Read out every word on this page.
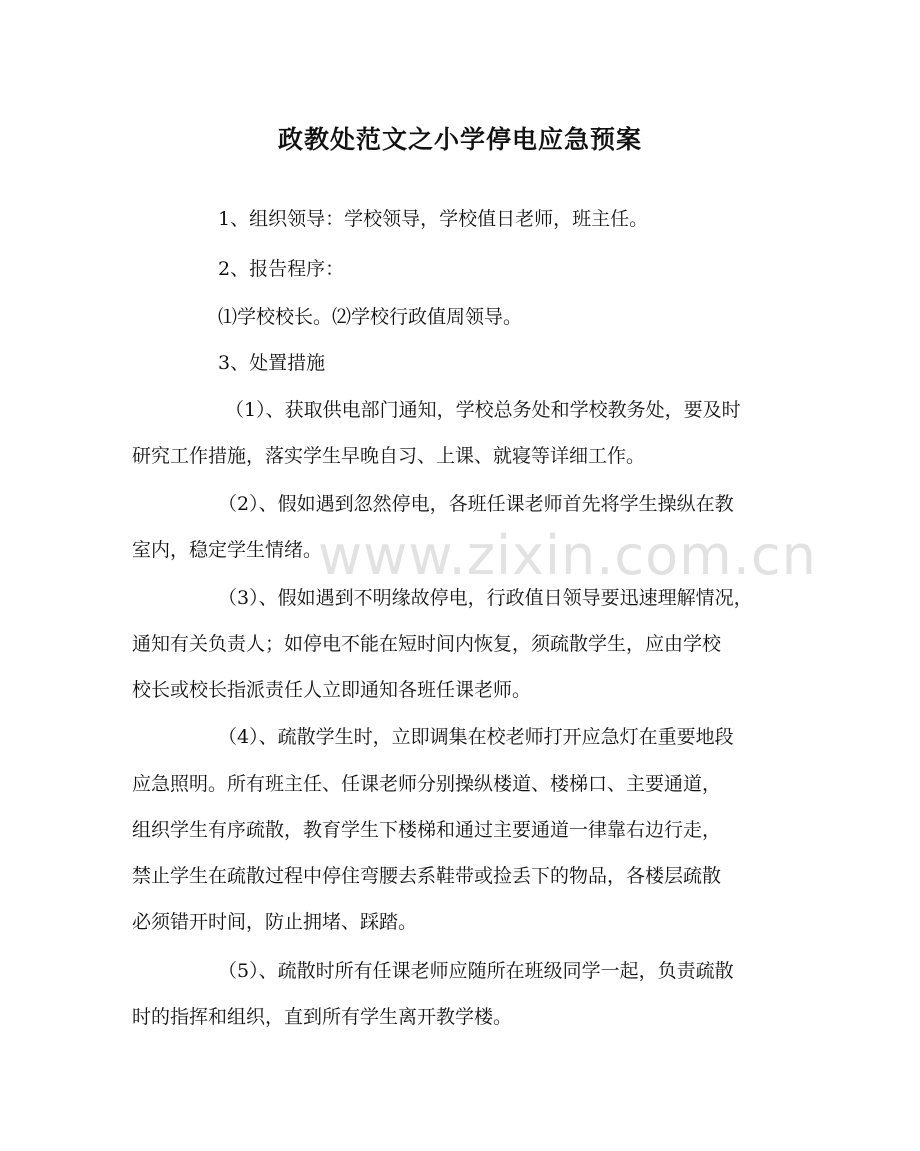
政教处范文之小学停电应急预案
www.zixin.com.cn

1、组织领导：学校领导，学校值日老师，班主任。

2、报告程序：

⑴学校校长。⑵学校行政值周领导。

3、处置措施

（1）、获取供电部门通知，学校总务处和学校教务处，要及时

研究工作措施，落实学生早晚自习、上课、就寝等详细工作。

（2）、假如遇到忽然停电，各班任课老师首先将学生操纵在教

室内，稳定学生情绪。

（3）、假如遇到不明缘故停电，行政值日领导要迅速理解情况，

通知有关负责人；如停电不能在短时间内恢复，须疏散学生，应由学校

校长或校长指派责任人立即通知各班任课老师。

（4）、疏散学生时，立即调集在校老师打开应急灯在重要地段

应急照明。所有班主任、任课老师分别操纵楼道、楼梯口、主要通道，

组织学生有序疏散，教育学生下楼梯和通过主要通道一律靠右边行走，

禁止学生在疏散过程中停住弯腰去系鞋带或捡丢下的物品，各楼层疏散

必须错开时间，防止拥堵、踩踏。

（5）、疏散时所有任课老师应随所在班级同学一起，负责疏散

时的指挥和组织，直到所有学生离开教学楼。
